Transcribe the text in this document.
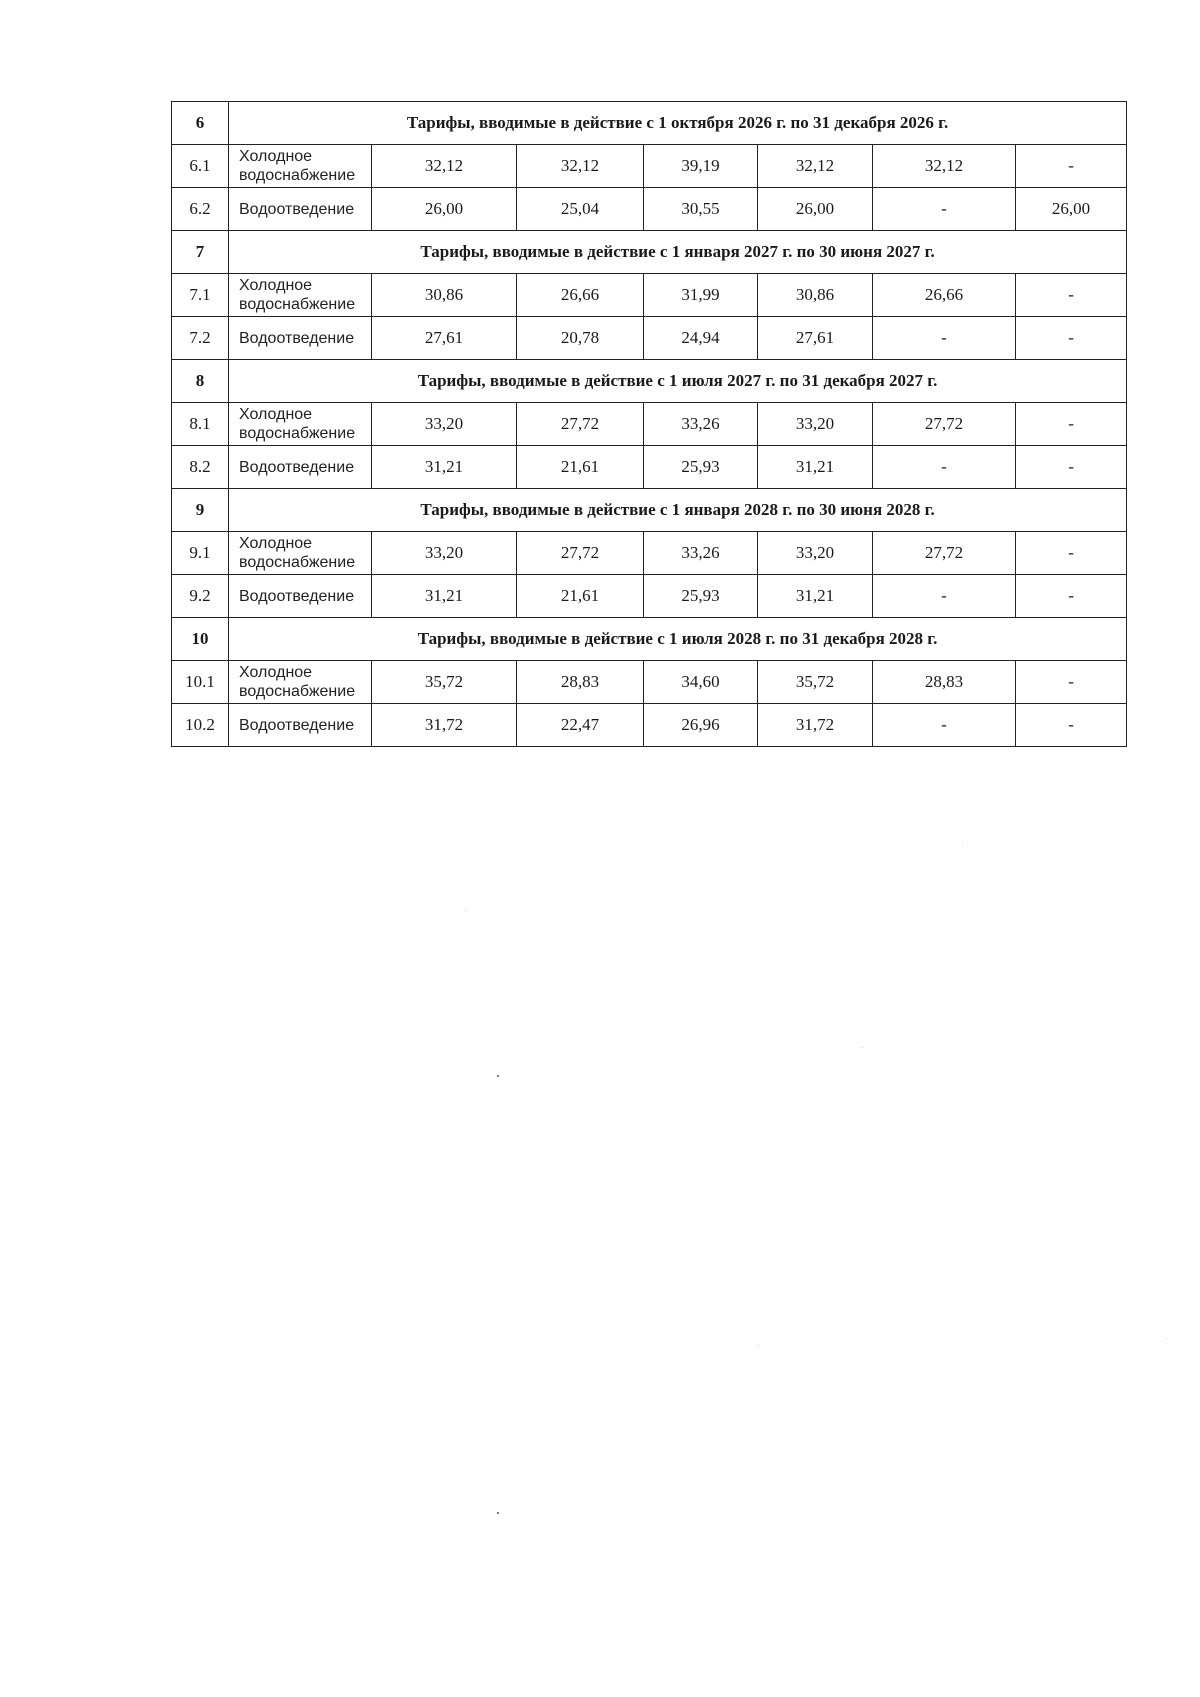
6	Тарифы, вводимые в действие с 1 октября 2026 г. по 31 декабря 2026 г.						
6.1	Холодное водоснабжение	32,12	32,12	39,19	32,12	32,12	-
6.2	Водоотведение	26,00	25,04	30,55	26,00	-	26,00
7	Тарифы, вводимые в действие с 1 января 2027 г. по 30 июня 2027 г.						
7.1	Холодное водоснабжение	30,86	26,66	31,99	30,86	26,66	-
7.2	Водоотведение	27,61	20,78	24,94	27,61	-	-
8	Тарифы, вводимые в действие с 1 июля 2027 г. по 31 декабря 2027 г.						
8.1	Холодное водоснабжение	33,20	27,72	33,26	33,20	27,72	-
8.2	Водоотведение	31,21	21,61	25,93	31,21	-	-
9	Тарифы, вводимые в действие с 1 января 2028 г. по 30 июня 2028 г.						
9.1	Холодное водоснабжение	33,20	27,72	33,26	33,20	27,72	-
9.2	Водоотведение	31,21	21,61	25,93	31,21	-	-
10	Тарифы, вводимые в действие с 1 июля 2028 г. по 31 декабря 2028 г.						
10.1	Холодное водоснабжение	35,72	28,83	34,60	35,72	28,83	-
10.2	Водоотведение	31,72	22,47	26,96	31,72	-	-
